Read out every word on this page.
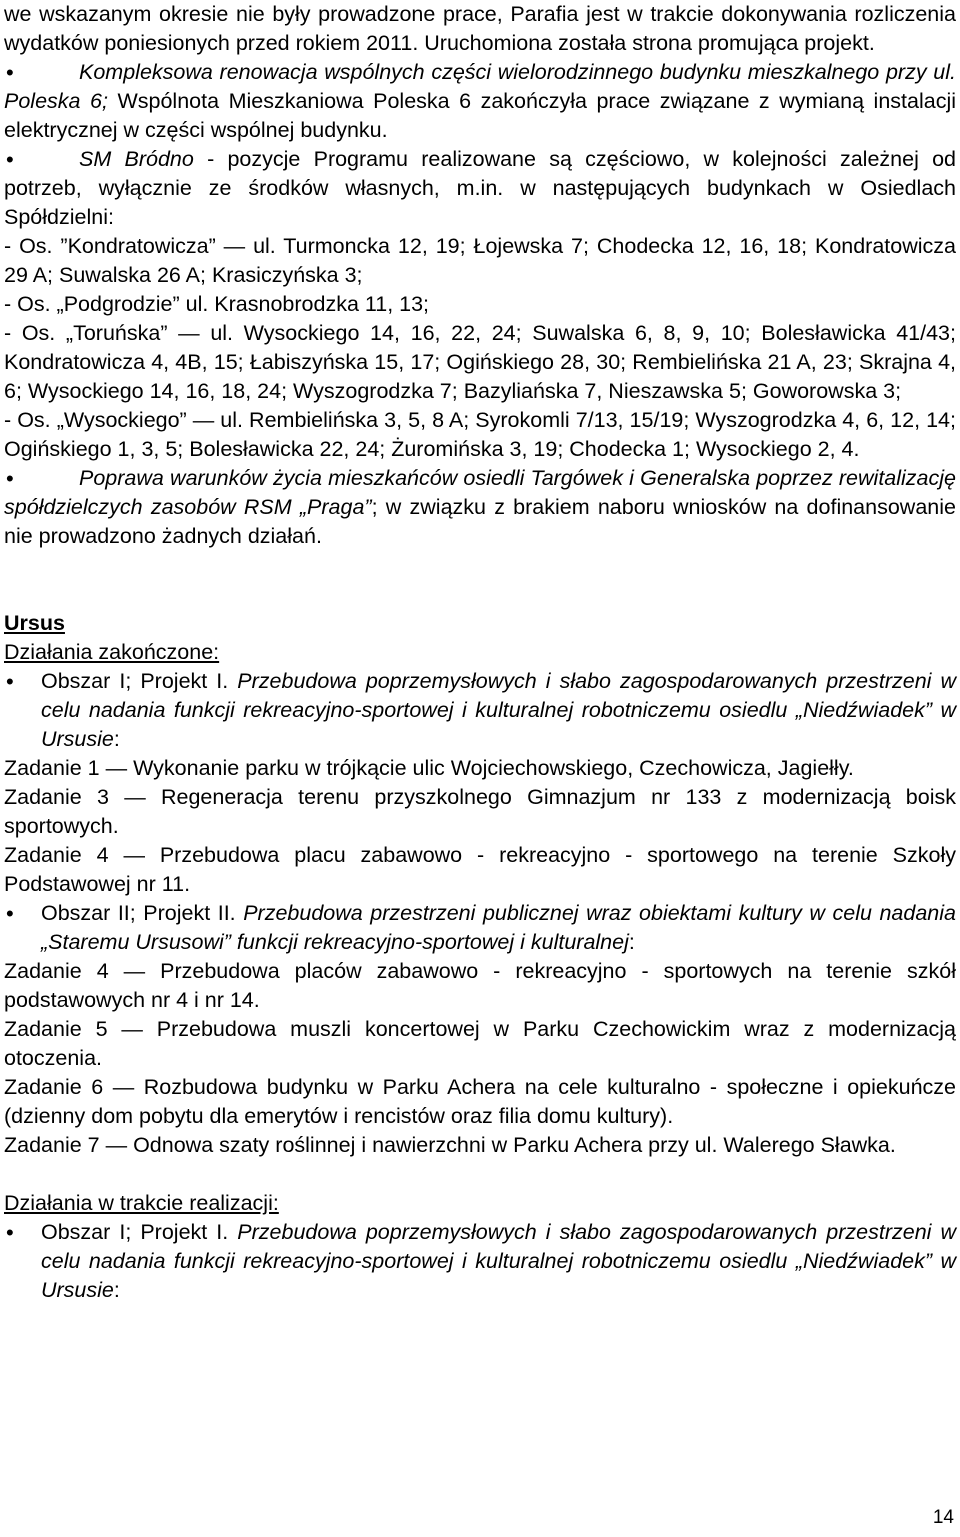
we wskazanym okresie nie były prowadzone prace, Parafia jest w trakcie dokonywania rozliczenia wydatków poniesionych przed rokiem 2011. Uruchomiona została strona promująca projekt.
•	Kompleksowa renowacja wspólnych części wielorodzinnego budynku mieszkalnego przy ul. Poleska 6; Wspólnota Mieszkaniowa Poleska 6 zakończyła prace związane z wymianą instalacji elektrycznej w części wspólnej budynku.
•	SM Bródno - pozycje Programu realizowane są częściowo, w kolejności zależnej od potrzeb, wyłącznie ze środków własnych, m.in. w następujących budynkach w Osiedlach Spółdzielni:
- Os. ”Kondratowicza” — ul. Turmoncka 12, 19; Łojewska 7; Chodecka 12, 16, 18; Kondratowicza 29 A; Suwalska 26 A; Krasiczyńska 3;
- Os. „Podgrodzie” ul. Krasnobrodzka 11, 13;
- Os. „Toruńska” — ul. Wysockiego 14, 16, 22, 24; Suwalska 6, 8, 9, 10; Bolesławicka 41/43; Kondratowicza 4, 4B, 15; Łabiszyńska 15, 17; Ogińskiego 28, 30; Rembielińska 21 A, 23; Skrajna 4, 6; Wysockiego 14, 16, 18, 24; Wyszogrodzka 7; Bazyliańska 7, Nieszawska 5; Goworowska 3;
- Os. „Wysockiego” — ul. Rembielińska 3, 5, 8 A; Syrokomli 7/13, 15/19; Wyszogrodzka 4, 6, 12, 14; Ogińskiego 1, 3, 5; Bolesławicka 22, 24; Żuromińska 3, 19; Chodecka 1; Wysockiego 2, 4.
•	Poprawa warunków życia mieszkańców osiedli Targówek i Generalska poprzez rewitalizację spółdzielczych zasobów RSM „Praga”; w związku z brakiem naboru wniosków na dofinansowanie nie prowadzono żadnych działań.
Ursus
Działania zakończone:
• Obszar I; Projekt I. Przebudowa poprzemysłowych i słabo zagospodarowanych przestrzeni w celu nadania funkcji rekreacyjno-sportowej i kulturalnej robotniczemu osiedlu „Niedźwiadek” w Ursusie:
Zadanie 1 — Wykonanie parku w trójkącie ulic Wojciechowskiego, Czechowicza, Jagiełły.
Zadanie 3 — Regeneracja terenu przyszkolnego Gimnazjum nr 133 z modernizacją boisk sportowych.
Zadanie 4 — Przebudowa placu zabawowo - rekreacyjno - sportowego na terenie Szkoły Podstawowej nr 11.
• Obszar II; Projekt II. Przebudowa przestrzeni publicznej wraz obiektami kultury w celu nadania „Staremu Ursusowi” funkcji rekreacyjno-sportowej i kulturalnej:
Zadanie 4 — Przebudowa placów zabawowo - rekreacyjno - sportowych na terenie szkół podstawowych nr 4 i nr 14.
Zadanie 5 — Przebudowa muszli koncertowej w Parku Czechowickim wraz z modernizacją otoczenia.
Zadanie 6 — Rozbudowa budynku w Parku Achera na cele kulturalno - społeczne i opiekuńcze (dzienny dom pobytu dla emerytów i rencistów oraz filia domu kultury).
Zadanie 7 — Odnowa szaty roślinnej i nawierzchni w Parku Achera przy ul. Walerego Sławka.
Działania w trakcie realizacji:
• Obszar I; Projekt I. Przebudowa poprzemysłowych i słabo zagospodarowanych przestrzeni w celu nadania funkcji rekreacyjno-sportowej i kulturalnej robotniczemu osiedlu „Niedźwiadek” w Ursusie:
14
